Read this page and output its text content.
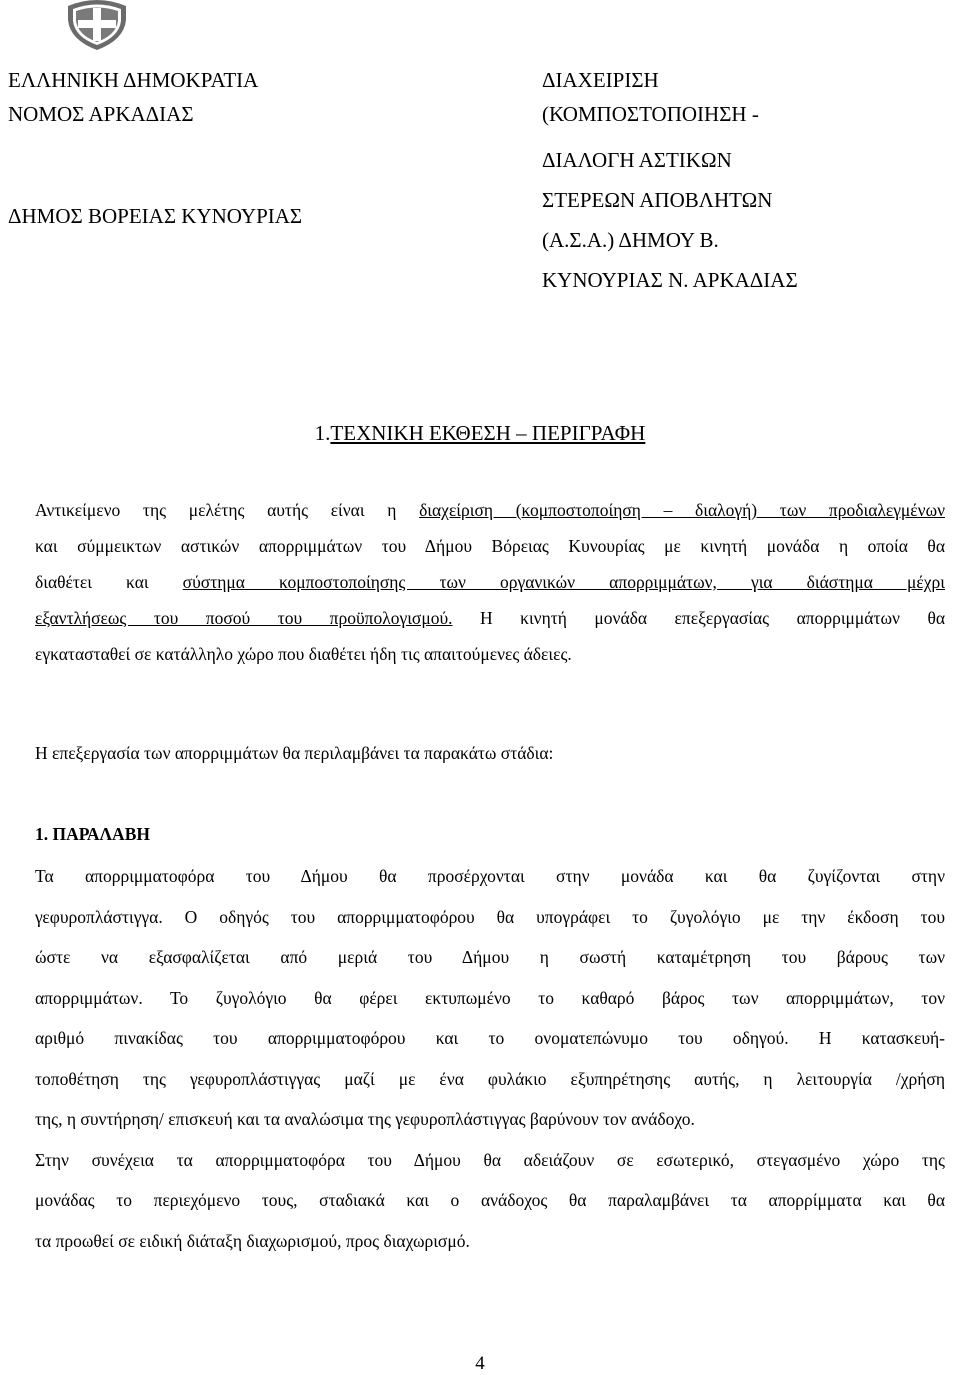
ΕΛΛΗΝΙΚΗ ΔΗΜΟΚΡΑΤΙΑ

ΝΟΜΟΣ ΑΡΚΑΔΙΑΣ

ΔΗΜΟΣ ΒΟΡΕΙΑΣ ΚΥΝΟΥΡΙΑΣ

ΔΙΑΧΕΙΡΙΣΗ

(ΚΟΜΠΟΣΤΟΠΟΙΗΣΗ -

ΔΙΑΛΟΓΗ ΑΣΤΙΚΩΝ

ΣΤΕΡΕΩΝ ΑΠΟΒΛΗΤΩΝ

(Α.Σ.Α.) ΔΗΜΟΥ Β.

ΚΥΝΟΥΡΙΑΣ Ν. ΑΡΚΑΔΙΑΣ

1.ΤΕΧΝΙΚΗ ΕΚΘΕΣΗ – ΠΕΡΙΓΡΑΦΗ

Αντικείμενο της μελέτης αυτής είναι η διαχείριση (κομποστοποίηση – διαλογή) των προδιαλεγμένων
και σύμμεικτων αστικών απορριμμάτων του Δήμου Βόρειας Κυνουρίας με κινητή μονάδα η οποία θα
διαθέτει και σύστημα κομποστοποίησης των οργανικών απορριμμάτων, για διάστημα μέχρι
εξαντλήσεως του ποσού του προϋπολογισμού. Η κινητή μονάδα επεξεργασίας απορριμμάτων θα
εγκατασταθεί σε κατάλληλο χώρο που διαθέτει ήδη τις απαιτούμενες άδειες.
Η επεξεργασία των απορριμμάτων θα περιλαμβάνει τα παρακάτω στάδια:
1. ΠΑΡΑΛΑΒΗ
Τα απορριμματοφόρα του Δήμου θα προσέρχονται στην μονάδα και θα ζυγίζονται στην
γεφυροπλάστιγγα. Ο οδηγός του απορριμματοφόρου θα υπογράφει το ζυγολόγιο με την έκδοση του
ώστε να εξασφαλίζεται από μεριά του Δήμου η σωστή καταμέτρηση του βάρους των
απορριμμάτων. Το ζυγολόγιο θα φέρει εκτυπωμένο το καθαρό βάρος των απορριμμάτων, τον
αριθμό πινακίδας του απορριμματοφόρου και το ονοματεπώνυμο του οδηγού. Η κατασκευή-
τοποθέτηση της γεφυροπλάστιγγας μαζί με ένα φυλάκιο εξυπηρέτησης αυτής, η λειτουργία /χρήση
της, η συντήρηση/ επισκευή και τα αναλώσιμα της γεφυροπλάστιγγας βαρύνουν τον ανάδοχο.
Στην συνέχεια τα απορριμματοφόρα του Δήμου θα αδειάζουν σε εσωτερικό, στεγασμένο χώρο της
μονάδας το περιεχόμενο τους, σταδιακά και ο ανάδοχος θα παραλαμβάνει τα απορρίμματα και θα
τα προωθεί σε ειδική διάταξη διαχωρισμού, προς διαχωρισμό.

4
